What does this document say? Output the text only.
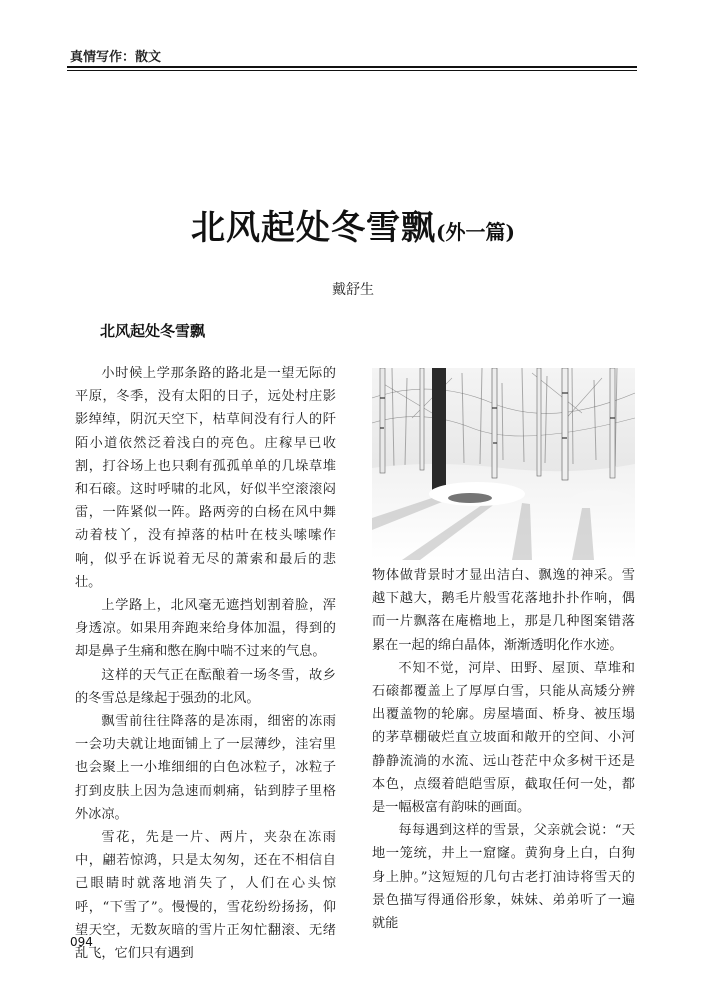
真情写作：散文
北风起处冬雪飘(外一篇)
戴舒生
北风起处冬雪飘

小时候上学那条路的路北是一望无际的平原，冬季，没有太阳的日子，远处村庄影影绰绰，阴沉天空下，枯草间没有行人的阡陌小道依然泛着浅白的亮色。庄稼早已收割，打谷场上也只剩有孤孤单单的几垛草堆和石磙。这时呼啸的北风，好似半空滚滚闷雷，一阵紧似一阵。路两旁的白杨在风中舞动着枝丫，没有掉落的枯叶在枝头嗦嗦作响，似乎在诉说着无尽的萧索和最后的悲壮。

上学路上，北风毫无遮挡划割着脸，浑身透凉。如果用奔跑来给身体加温，得到的却是鼻子生痛和憋在胸中喘不过来的气息。

这样的天气正在酝酿着一场冬雪，故乡的冬雪总是缘起于强劲的北风。

飘雪前往往降落的是冻雨，细密的冻雨一会功夫就让地面铺上了一层薄纱，洼宕里也会聚上一小堆细细的白色冰粒子，冰粒子打到皮肤上因为急速而刺痛，钻到脖子里格外冰凉。

雪花，先是一片、两片，夹杂在冻雨中，翩若惊鸿，只是太匆匆，还在不相信自己眼睛时就落地消失了，人们在心头惊呼，“下雪了”。慢慢的，雪花纷纷扬扬，仰望天空，无数灰暗的雪片正匆忙翻滚、无绪乱飞，它们只有遇到

物体做背景时才显出洁白、飘逸的神采。雪越下越大，鹅毛片般雪花落地扑扑作响，偶而一片飘落在庵檐地上，那是几种图案错落累在一起的绵白晶体，渐渐透明化作水迹。

不知不觉，河岸、田野、屋顶、草堆和石磙都覆盖上了厚厚白雪，只能从高矮分辨出覆盖物的轮廓。房屋墙面、桥身、被压塌的茅草棚破烂直立坡面和敞开的空间、小河静静流淌的水流、远山苍茫中众多树干还是本色，点缀着皑皑雪原，截取任何一处，都是一幅极富有韵味的画面。

每每遇到这样的雪景，父亲就会说：“天地一笼统，井上一窟窿。黄狗身上白，白狗身上肿。”这短短的几句古老打油诗将雪天的景色描写得通俗形象，妹妹、弟弟听了一遍就能

094
